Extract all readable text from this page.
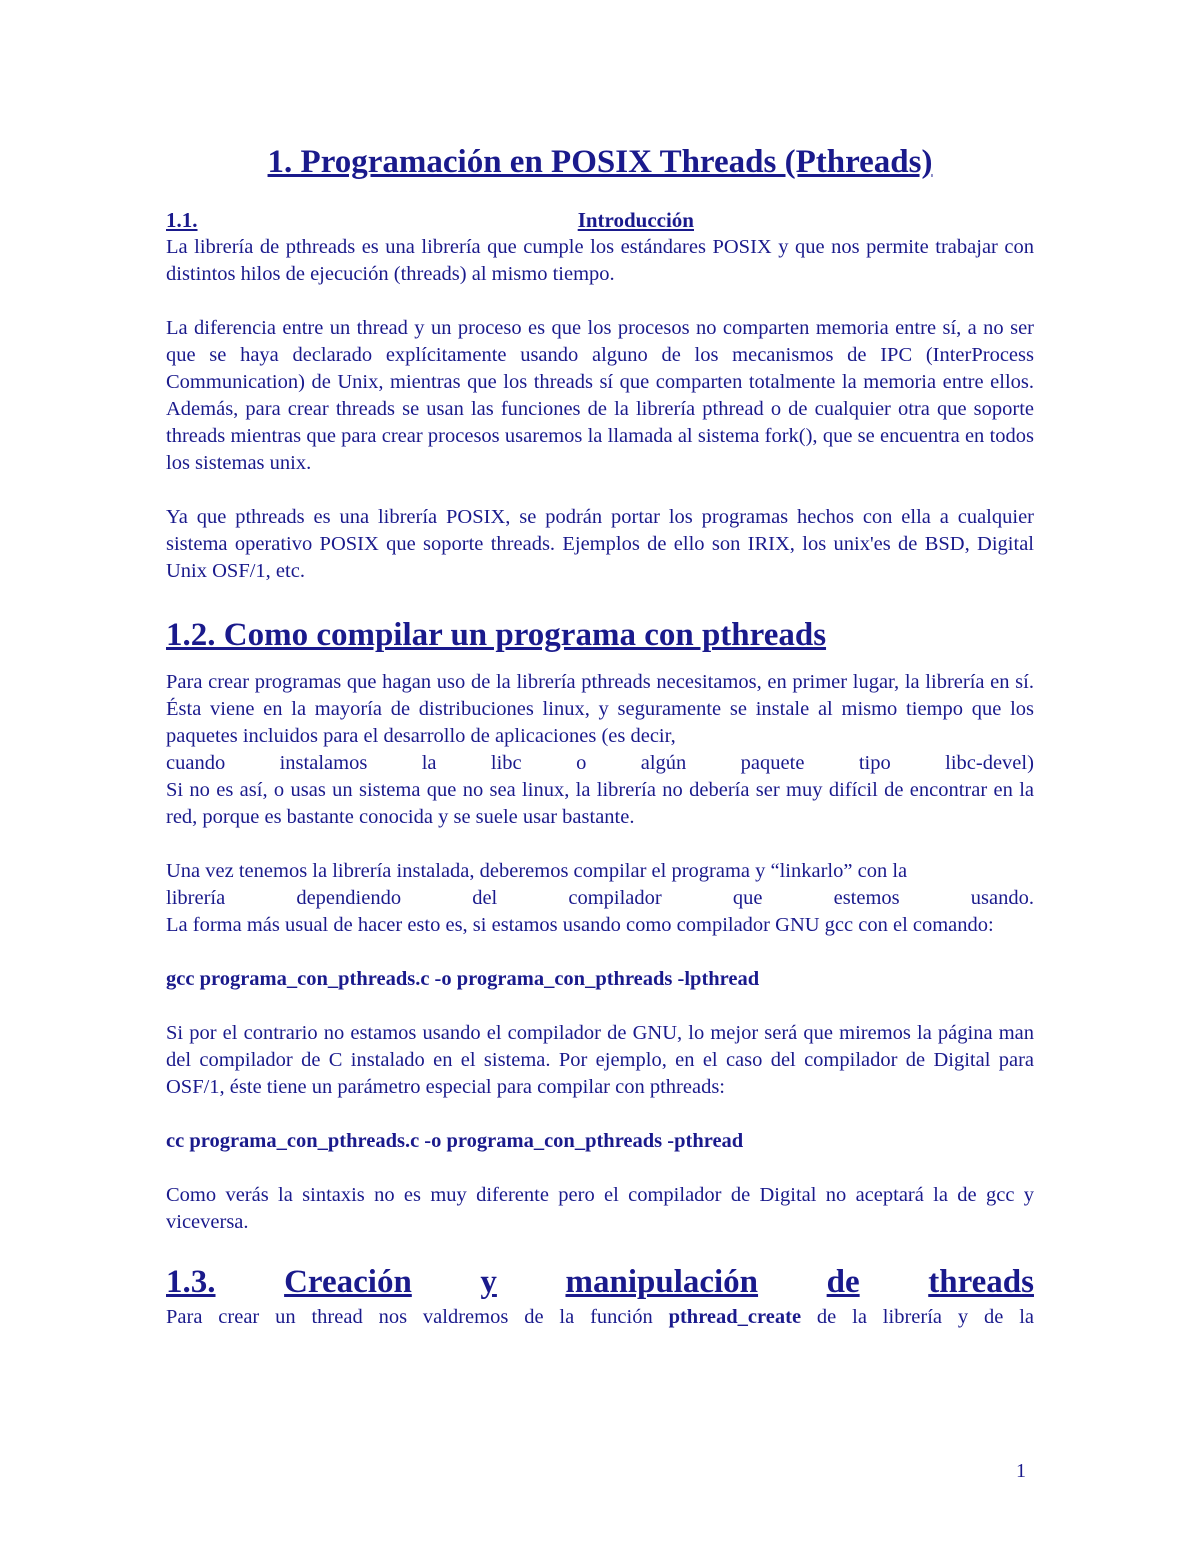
1. Programación en POSIX Threads (Pthreads)
1.1.	Introducción

La librería de pthreads es una librería que cumple los estándares POSIX y que nos permite trabajar con distintos hilos de ejecución (threads) al mismo tiempo.

La diferencia entre un thread y un proceso es que los procesos no comparten memoria entre sí, a no ser que se haya declarado explícitamente usando alguno de los mecanismos de IPC (InterProcess Communication) de Unix, mientras que los threads sí que comparten totalmente la memoria entre ellos. Además, para crear threads se usan las funciones de la librería pthread o de cualquier otra que soporte threads mientras que para crear procesos usaremos la llamada al sistema fork(), que se encuentra en todos los sistemas unix.

Ya que pthreads es una librería POSIX, se podrán portar los programas hechos con ella a cualquier sistema operativo POSIX que soporte threads. Ejemplos de ello son IRIX, los unix'es de BSD, Digital Unix OSF/1, etc.

1.2. Como compilar un programa con pthreads

Para crear programas que hagan uso de la librería pthreads necesitamos, en primer lugar, la librería en sí. Ésta viene en la mayoría de distribuciones linux, y seguramente se instale al mismo tiempo que los paquetes incluidos para el desarrollo de aplicaciones (es decir,

cuando	instalamos	la	libc	o	algún	paquete	tipo	libc-devel)

Si no es así, o usas un sistema que no sea linux, la librería no debería ser muy difícil de encontrar en la red, porque es bastante conocida y se suele usar bastante.

Una vez tenemos la librería instalada, deberemos compilar el programa y “linkarlo” con la

librería	dependiendo	del	compilador	que	estemos	usando.

La forma más usual de hacer esto es, si estamos usando como compilador GNU gcc con el comando:

gcc programa_con_pthreads.c -o programa_con_pthreads -lpthread

Si por el contrario no estamos usando el compilador de GNU, lo mejor será que miremos la página man del compilador de C instalado en el sistema. Por ejemplo, en el caso del compilador de Digital para OSF/1, éste tiene un parámetro especial para compilar con pthreads:

cc programa_con_pthreads.c -o programa_con_pthreads -pthread

Como verás la sintaxis no es muy diferente pero el compilador de Digital no aceptará la de gcc y viceversa.

1.3. Creación y manipulación de threads

Para crear un thread nos valdremos de la función pthread_create de la librería y de la

1
